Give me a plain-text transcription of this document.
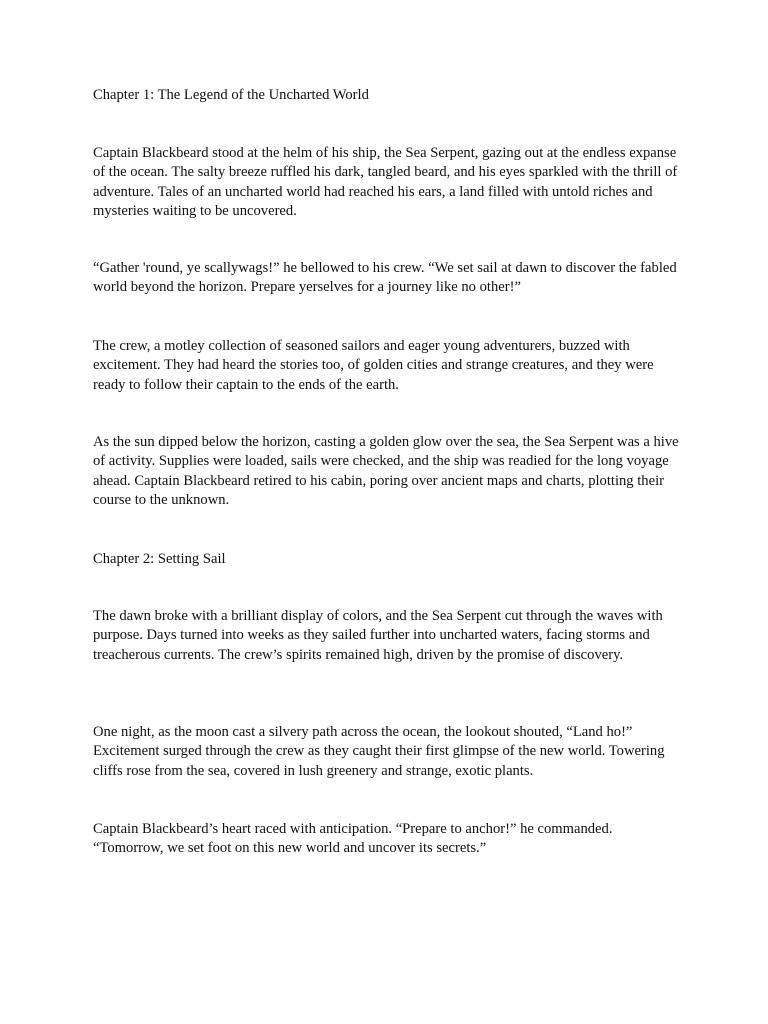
Chapter 1: The Legend of the Uncharted World

Captain Blackbeard stood at the helm of his ship, the Sea Serpent, gazing out at the endless expanse of the ocean. The salty breeze ruffled his dark, tangled beard, and his eyes sparkled with the thrill of adventure. Tales of an uncharted world had reached his ears, a land filled with untold riches and mysteries waiting to be uncovered.

“Gather 'round, ye scallywags!” he bellowed to his crew. “We set sail at dawn to discover the fabled world beyond the horizon. Prepare yerselves for a journey like no other!”

The crew, a motley collection of seasoned sailors and eager young adventurers, buzzed with excitement. They had heard the stories too, of golden cities and strange creatures, and they were ready to follow their captain to the ends of the earth.

As the sun dipped below the horizon, casting a golden glow over the sea, the Sea Serpent was a hive of activity. Supplies were loaded, sails were checked, and the ship was readied for the long voyage ahead. Captain Blackbeard retired to his cabin, poring over ancient maps and charts, plotting their course to the unknown.

Chapter 2: Setting Sail

The dawn broke with a brilliant display of colors, and the Sea Serpent cut through the waves with purpose. Days turned into weeks as they sailed further into uncharted waters, facing storms and treacherous currents. The crew’s spirits remained high, driven by the promise of discovery.

One night, as the moon cast a silvery path across the ocean, the lookout shouted, “Land ho!” Excitement surged through the crew as they caught their first glimpse of the new world. Towering cliffs rose from the sea, covered in lush greenery and strange, exotic plants.

Captain Blackbeard’s heart raced with anticipation. “Prepare to anchor!” he commanded. “Tomorrow, we set foot on this new world and uncover its secrets.”
